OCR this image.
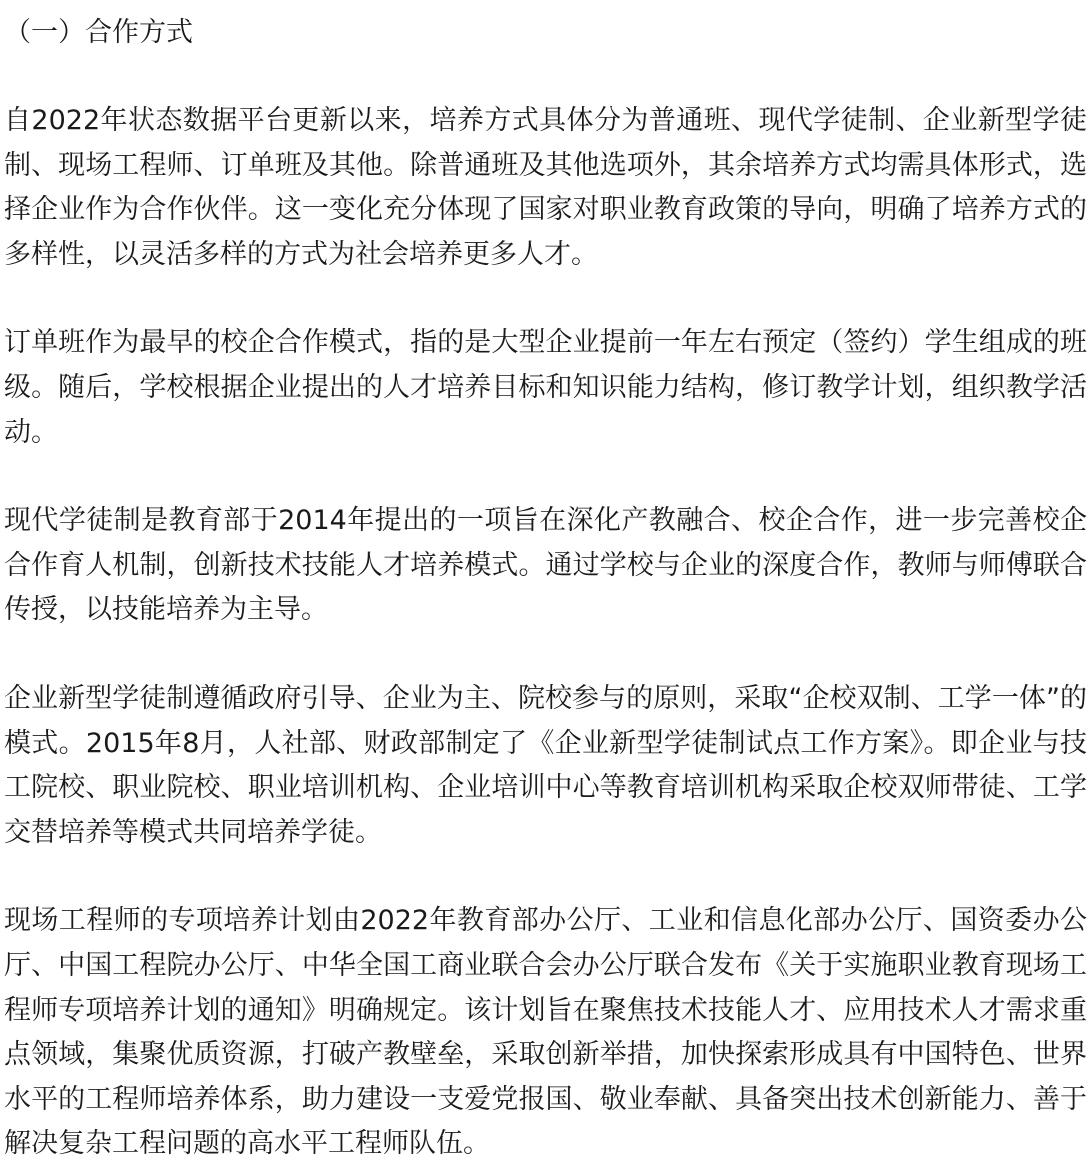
（一）合作方式

自2022年状态数据平台更新以来，培养方式具体分为普通班、现代学徒制、企业新型学徒制、现场工程师、订单班及其他。除普通班及其他选项外，其余培养方式均需具体形式，选择企业作为合作伙伴。这一变化充分体现了国家对职业教育政策的导向，明确了培养方式的多样性，以灵活多样的方式为社会培养更多人才。

订单班作为最早的校企合作模式，指的是大型企业提前一年左右预定（签约）学生组成的班级。随后，学校根据企业提出的人才培养目标和知识能力结构，修订教学计划，组织教学活动。

现代学徒制是教育部于2014年提出的一项旨在深化产教融合、校企合作，进一步完善校企合作育人机制，创新技术技能人才培养模式。通过学校与企业的深度合作，教师与师傅联合传授，以技能培养为主导。

企业新型学徒制遵循政府引导、企业为主、院校参与的原则，采取“企校双制、工学一体”的模式。2015年8月，人社部、财政部制定了《企业新型学徒制试点工作方案》。即企业与技工院校、职业院校、职业培训机构、企业培训中心等教育培训机构采取企校双师带徒、工学交替培养等模式共同培养学徒。

现场工程师的专项培养计划由2022年教育部办公厅、工业和信息化部办公厅、国资委办公厅、中国工程院办公厅、中华全国工商业联合会办公厅联合发布《关于实施职业教育现场工程师专项培养计划的通知》明确规定。该计划旨在聚焦技术技能人才、应用技术人才需求重点领域，集聚优质资源，打破产教壁垒，采取创新举措，加快探索形成具有中国特色、世界水平的工程师培养体系，助力建设一支爱党报国、敬业奉献、具备突出技术创新能力、善于解决复杂工程问题的高水平工程师队伍。
